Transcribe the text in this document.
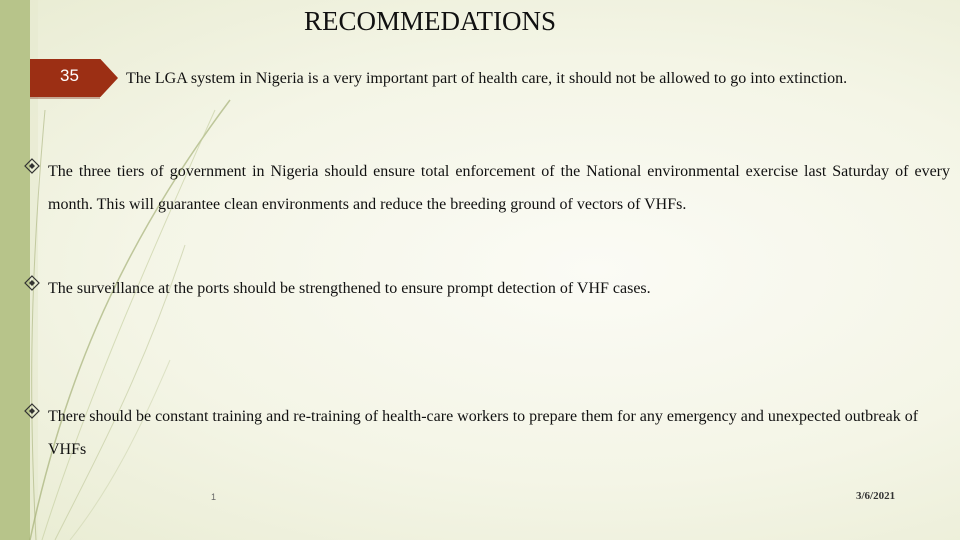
RECOMMEDATIONS
35	The LGA system in Nigeria is a very important part of health care, it should not be allowed to go into extinction.
The three tiers of government in Nigeria should ensure total enforcement of the National environmental exercise last Saturday of every month. This will guarantee clean environments and reduce the breeding ground of vectors of VHFs.
The surveillance at the ports should be strengthened to ensure prompt detection of VHF cases.
There should be constant training and re-training of health-care workers to prepare them for any emergency and unexpected outbreak of VHFs
1	3/6/2021
